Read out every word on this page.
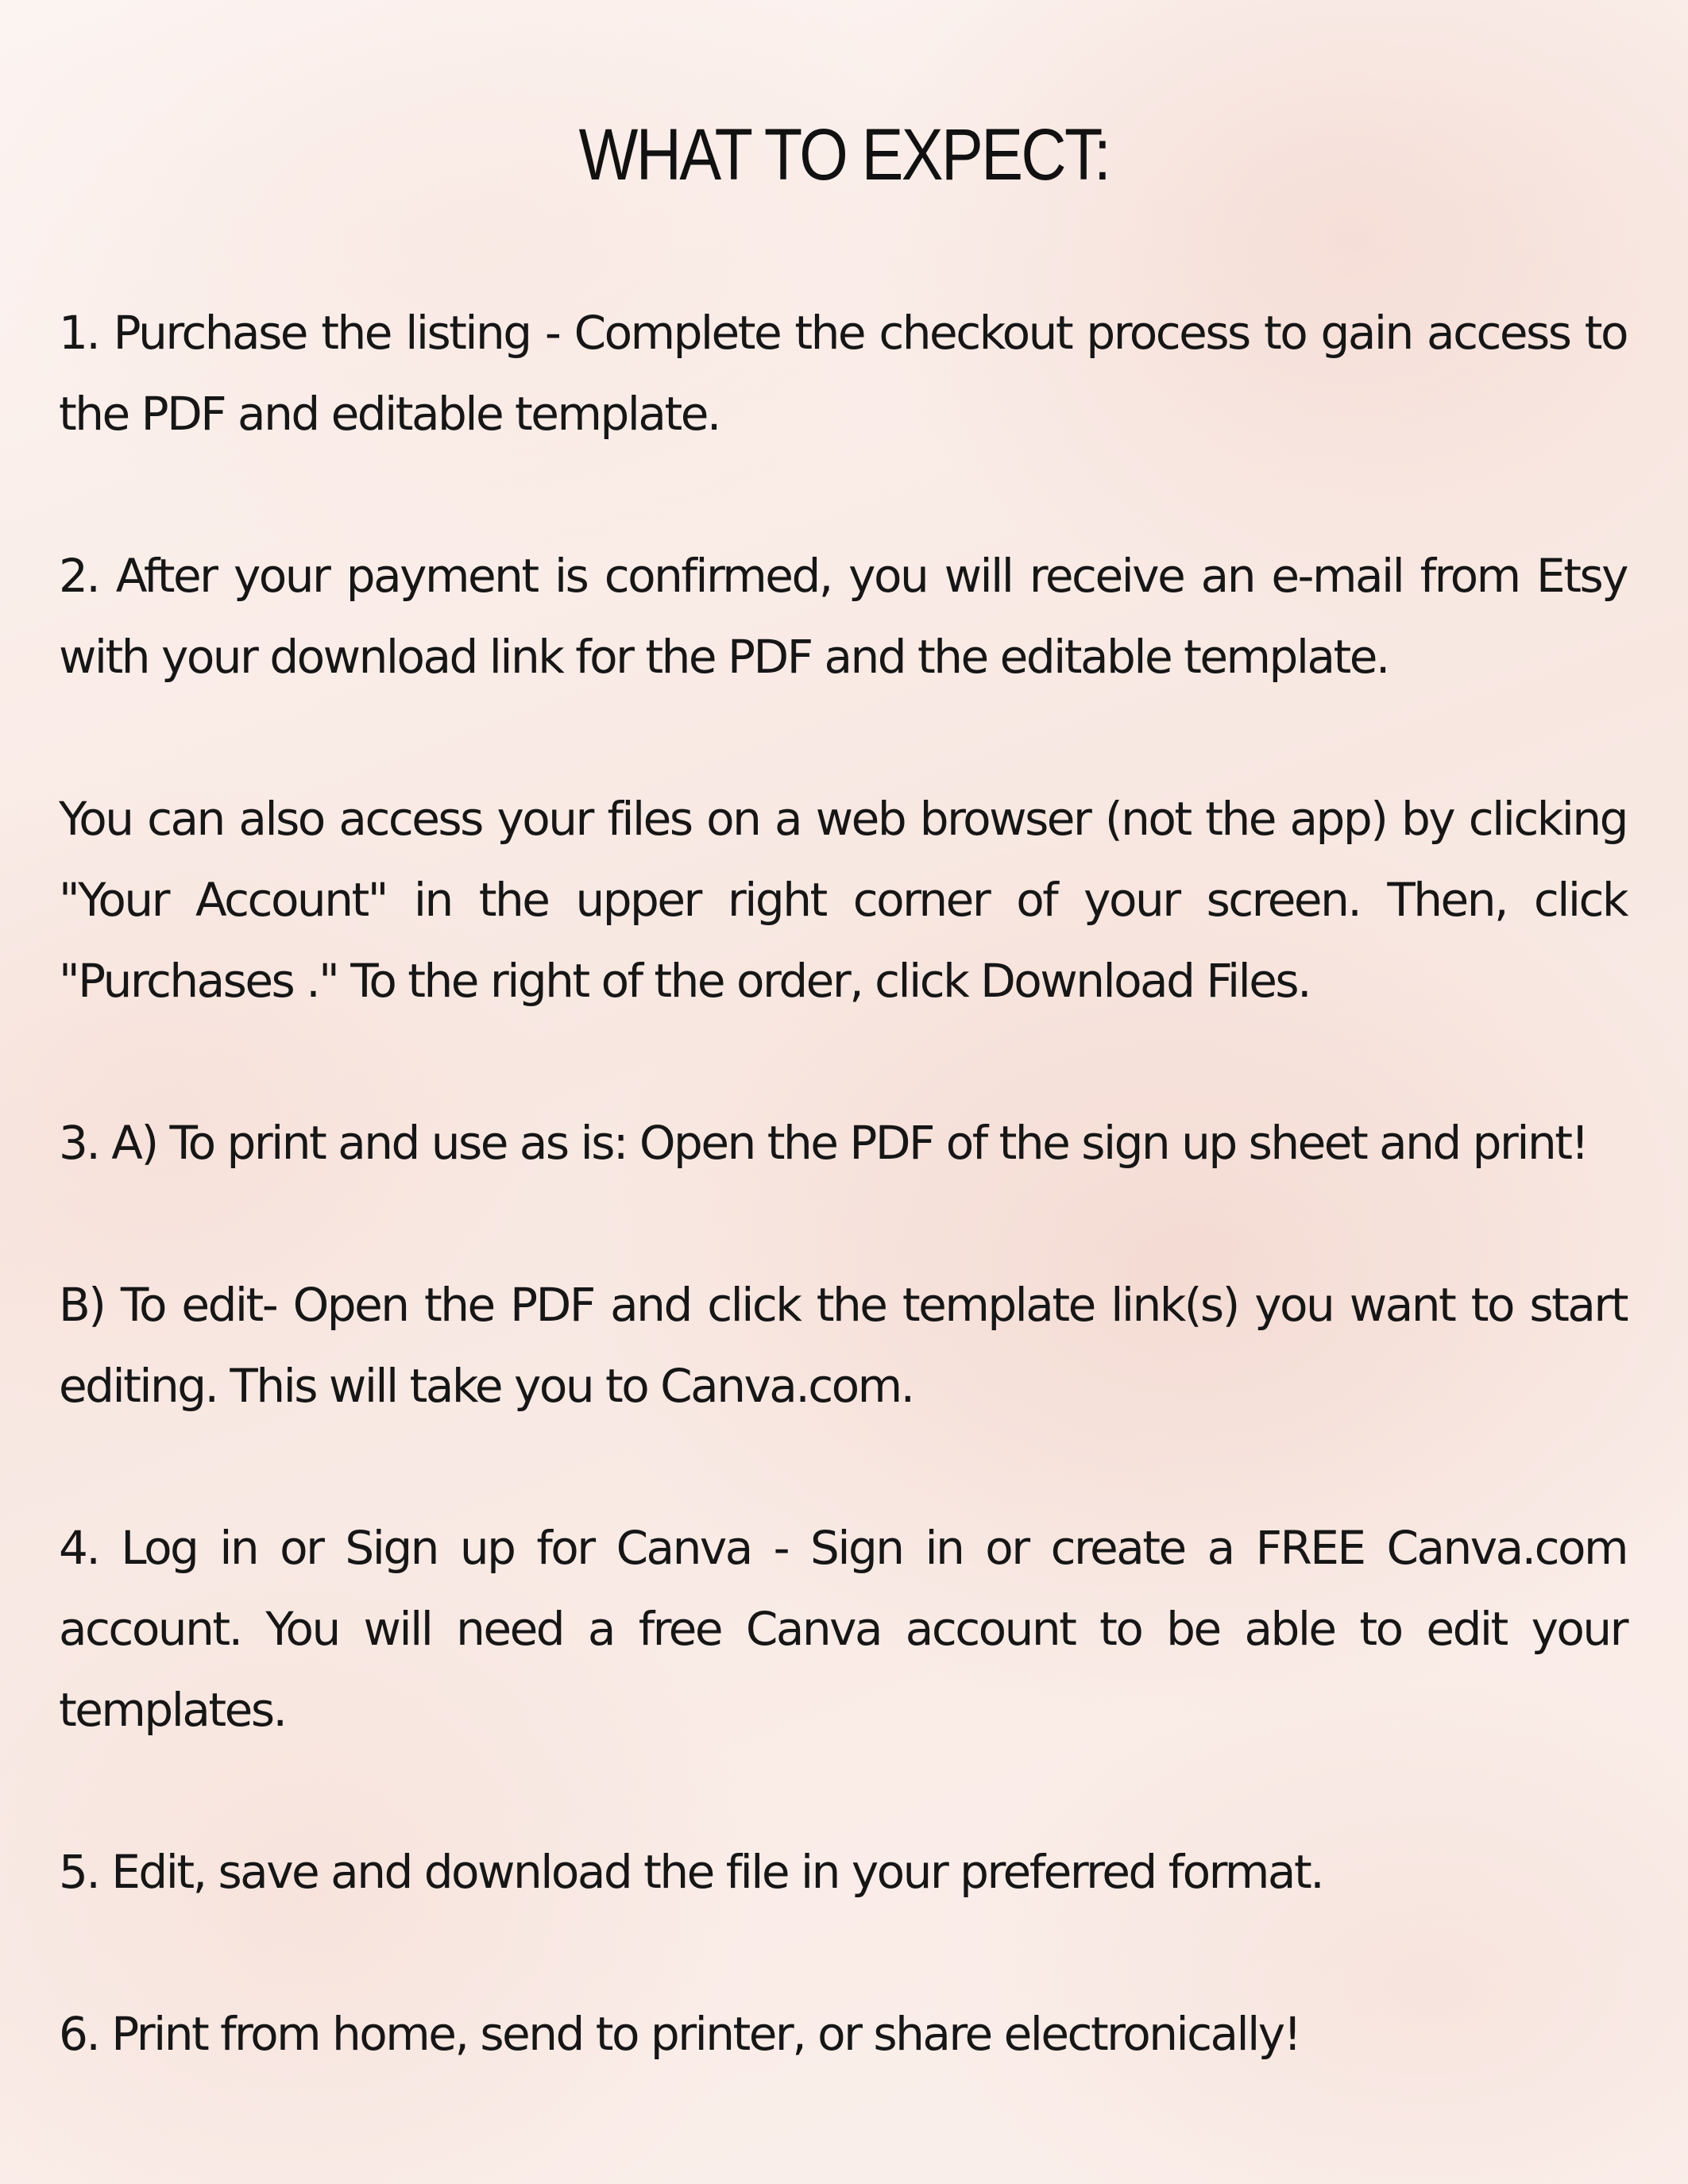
WHAT TO EXPECT:

1. Purchase the listing - Complete the checkout process to gain access to the PDF and editable template.

2. After your payment is confirmed, you will receive an e-mail from Etsy with your download link for the PDF and the editable template.

You can also access your files on a web browser (not the app) by clicking "Your Account" in the upper right corner of your screen. Then, click "Purchases ." To the right of the order, click Download Files.

3. A) To print and use as is: Open the PDF of the sign up sheet and print!

B) To edit- Open the PDF and click the template link(s) you want to start editing. This will take you to Canva.com.

4. Log in or Sign up for Canva - Sign in or create a FREE Canva.com account. You will need a free Canva account to be able to edit your templates.

5. Edit, save and download the file in your preferred format.

6. Print from home, send to printer, or share electronically!
